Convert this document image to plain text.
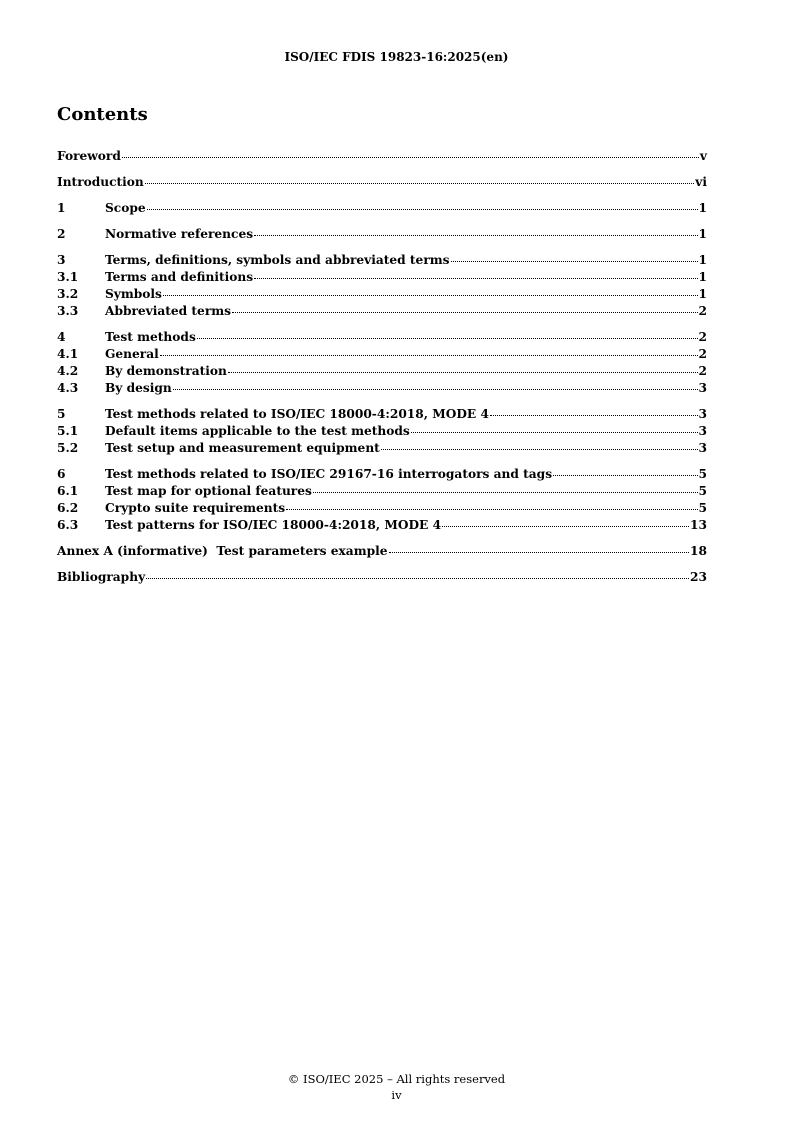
ISO/IEC FDIS 19823-16:2025(en)
Contents
Foreword	v
Introduction	vi
1	Scope	1
2	Normative references	1
3	Terms, definitions, symbols and abbreviated terms	1
3.1	Terms and definitions	1
3.2	Symbols	1
3.3	Abbreviated terms	2
4	Test methods	2
4.1	General	2
4.2	By demonstration	2
4.3	By design	3
5	Test methods related to ISO/IEC 18000-4:2018, MODE 4	3
5.1	Default items applicable to the test methods	3
5.2	Test setup and measurement equipment	3
6	Test methods related to ISO/IEC 29167-16 interrogators and tags	5
6.1	Test map for optional features	5
6.2	Crypto suite requirements	5
6.3	Test patterns for ISO/IEC 18000-4:2018, MODE 4	13
Annex A (informative)  Test parameters example	18
Bibliography	23
© ISO/IEC 2025 – All rights reserved
iv
